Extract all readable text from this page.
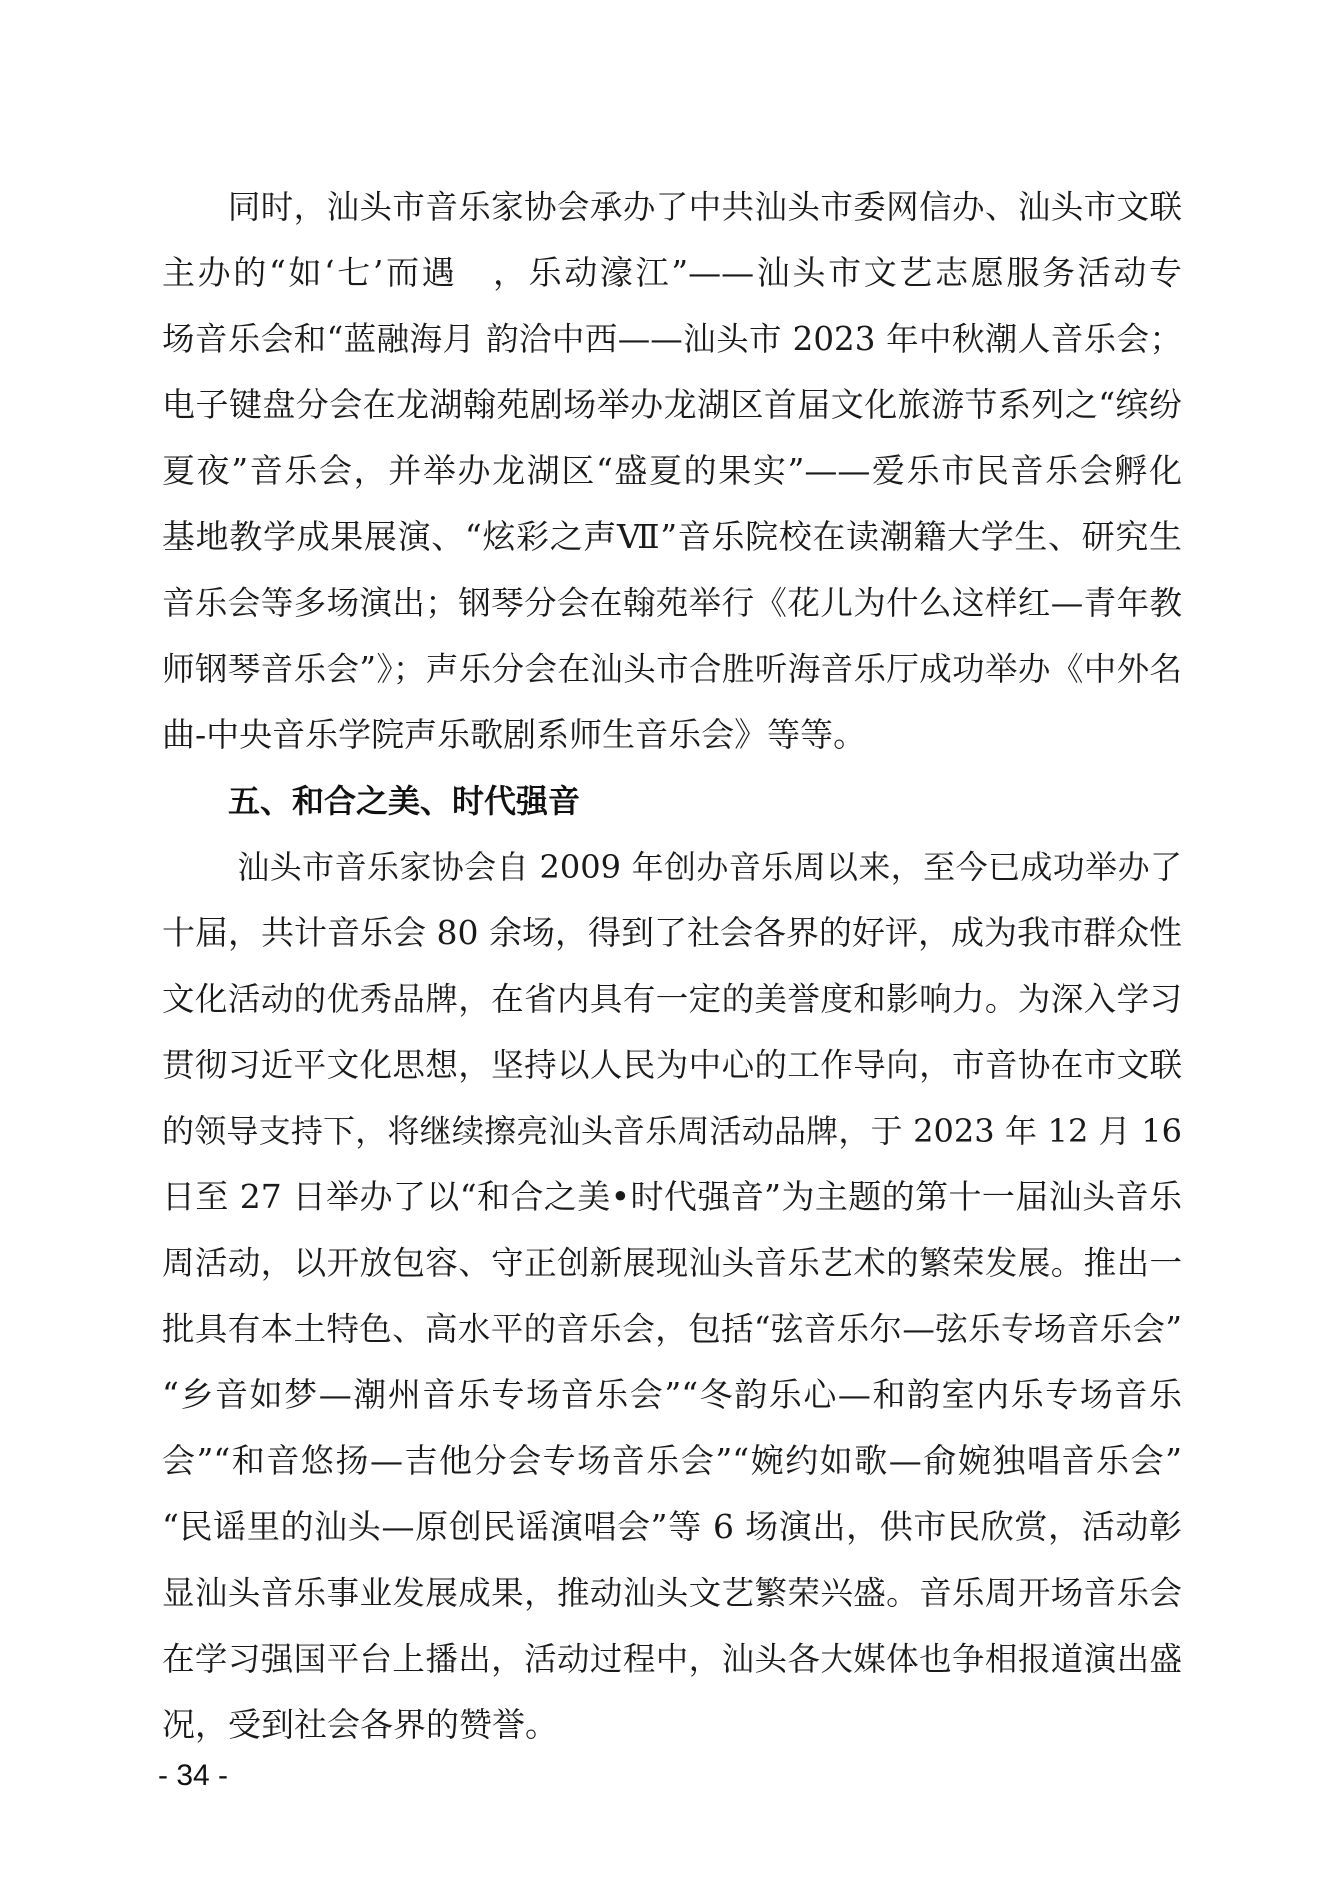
　　同时，汕头市音乐家协会承办了中共汕头市委网信办、汕头市文联
主办的“如‘七’而遇　，乐动濠江”——汕头市文艺志愿服务活动专
场音乐会和“蓝融海月 韵洽中西——汕头市 2023 年中秋潮人音乐会；
电子键盘分会在龙湖翰苑剧场举办龙湖区首届文化旅游节系列之“缤纷
夏夜”音乐会，并举办龙湖区“盛夏的果实”——爱乐市民音乐会孵化
基地教学成果展演、“炫彩之声Ⅶ”音乐院校在读潮籍大学生、研究生
音乐会等多场演出；钢琴分会在翰苑举行《花儿为什么这样红—青年教
师钢琴音乐会”》；声乐分会在汕头市合胜听海音乐厅成功举办《中外名
曲-中央音乐学院声乐歌剧系师生音乐会》等等。
五、和合之美、时代强音
　　 汕头市音乐家协会自 2009 年创办音乐周以来，至今已成功举办了
十届，共计音乐会 80 余场，得到了社会各界的好评，成为我市群众性
文化活动的优秀品牌，在省内具有一定的美誉度和影响力。为深入学习
贯彻习近平文化思想，坚持以人民为中心的工作导向，市音协在市文联
的领导支持下，将继续擦亮汕头音乐周活动品牌，于 2023 年 12 月 16
日至 27 日举办了以“和合之美•时代强音”为主题的第十一届汕头音乐
周活动，以开放包容、守正创新展现汕头音乐艺术的繁荣发展。推出一
批具有本土特色、高水平的音乐会，包括“弦音乐尔—弦乐专场音乐会”
“乡音如梦—潮州音乐专场音乐会”“冬韵乐心—和韵室内乐专场音乐
会”“和音悠扬—吉他分会专场音乐会”“婉约如歌—俞婉独唱音乐会”
“民谣里的汕头—原创民谣演唱会”等 6 场演出，供市民欣赏，活动彰
显汕头音乐事业发展成果，推动汕头文艺繁荣兴盛。音乐周开场音乐会
在学习强国平台上播出，活动过程中，汕头各大媒体也争相报道演出盛
况，受到社会各界的赞誉。
- 34 -
